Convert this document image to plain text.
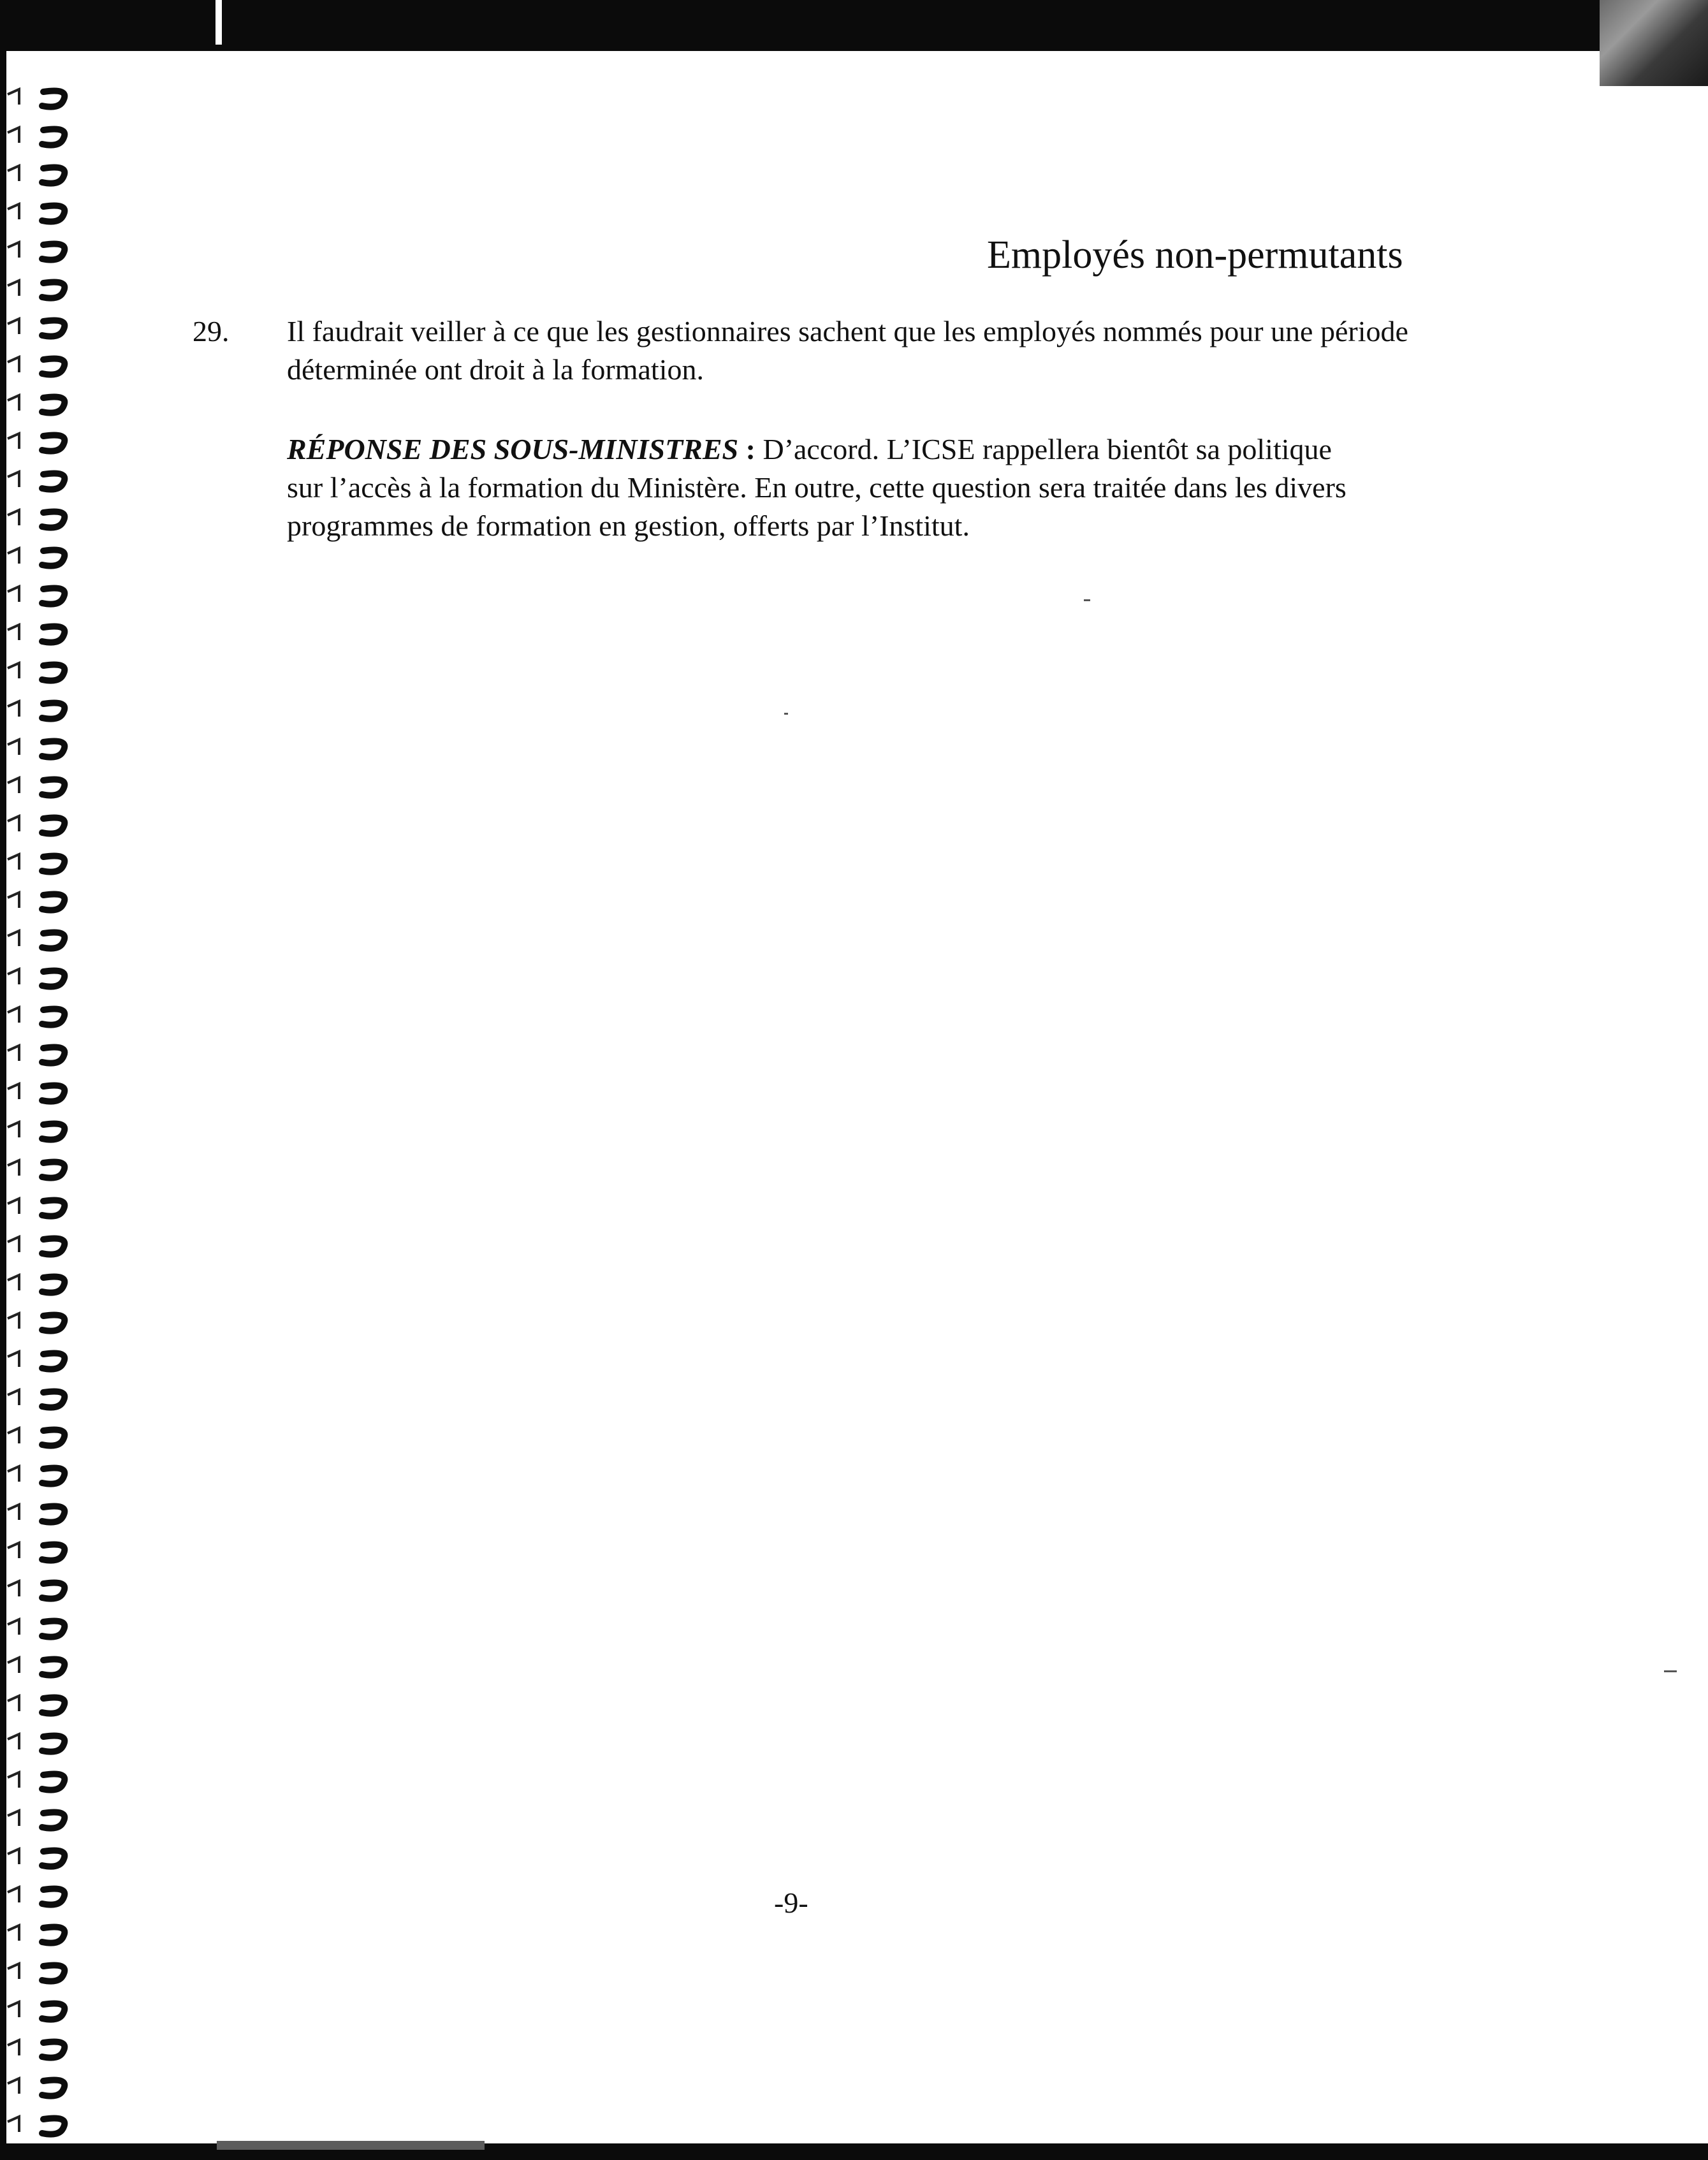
Employés non-permutants
29. Il faudrait veiller à ce que les gestionnaires sachent que les employés nommés pour une période
déterminée ont droit à la formation.
RÉPONSE DES SOUS-MINISTRES : D’accord. L’ICSE rappellera bientôt sa politique
sur l’accès à la formation du Ministère. En outre, cette question sera traitée dans les divers
programmes de formation en gestion, offerts par l’Institut.
-9-
